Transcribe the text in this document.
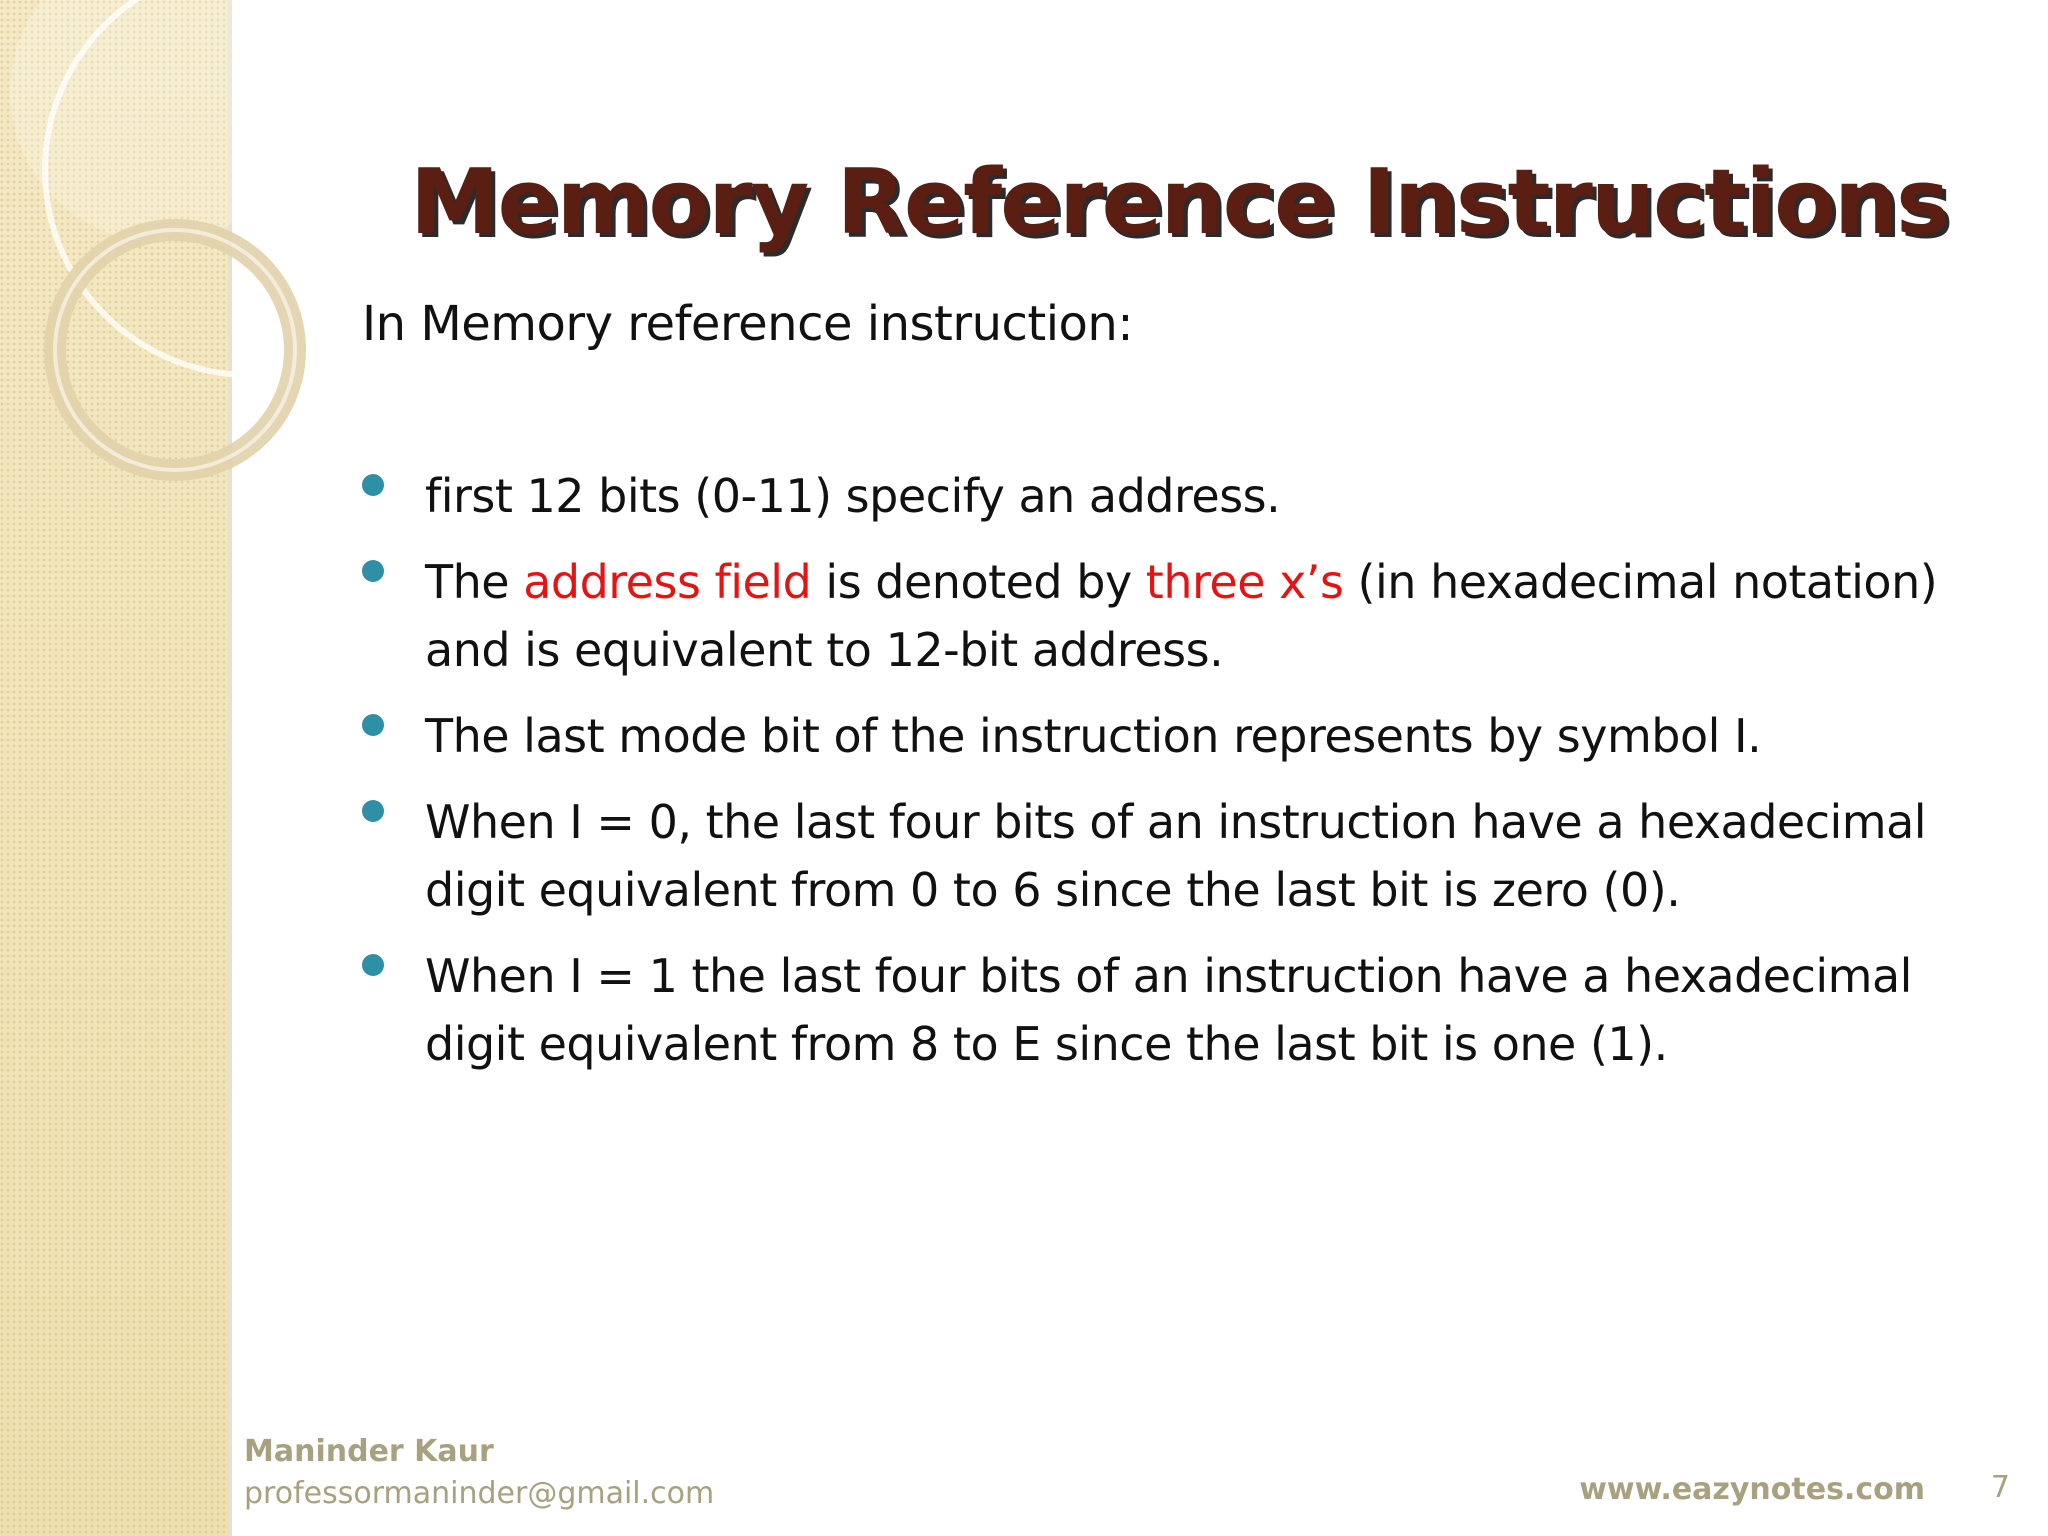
Memory Reference Instructions

In Memory reference instruction:

first 12 bits (0-11) specify an address.
The address field is denoted by three x’s (in hexadecimal notation) and is equivalent to 12-bit address.
The last mode bit of the instruction represents by symbol I.
When I = 0, the last four bits of an instruction have a hexadecimal digit equivalent from 0 to 6 since the last bit is zero (0).
When I = 1 the last four bits of an instruction have a hexadecimal digit equivalent from 8 to E since the last bit is one (1).

Maninder Kaur

professormaninder@gmail.com	www.eazynotes.com 7
